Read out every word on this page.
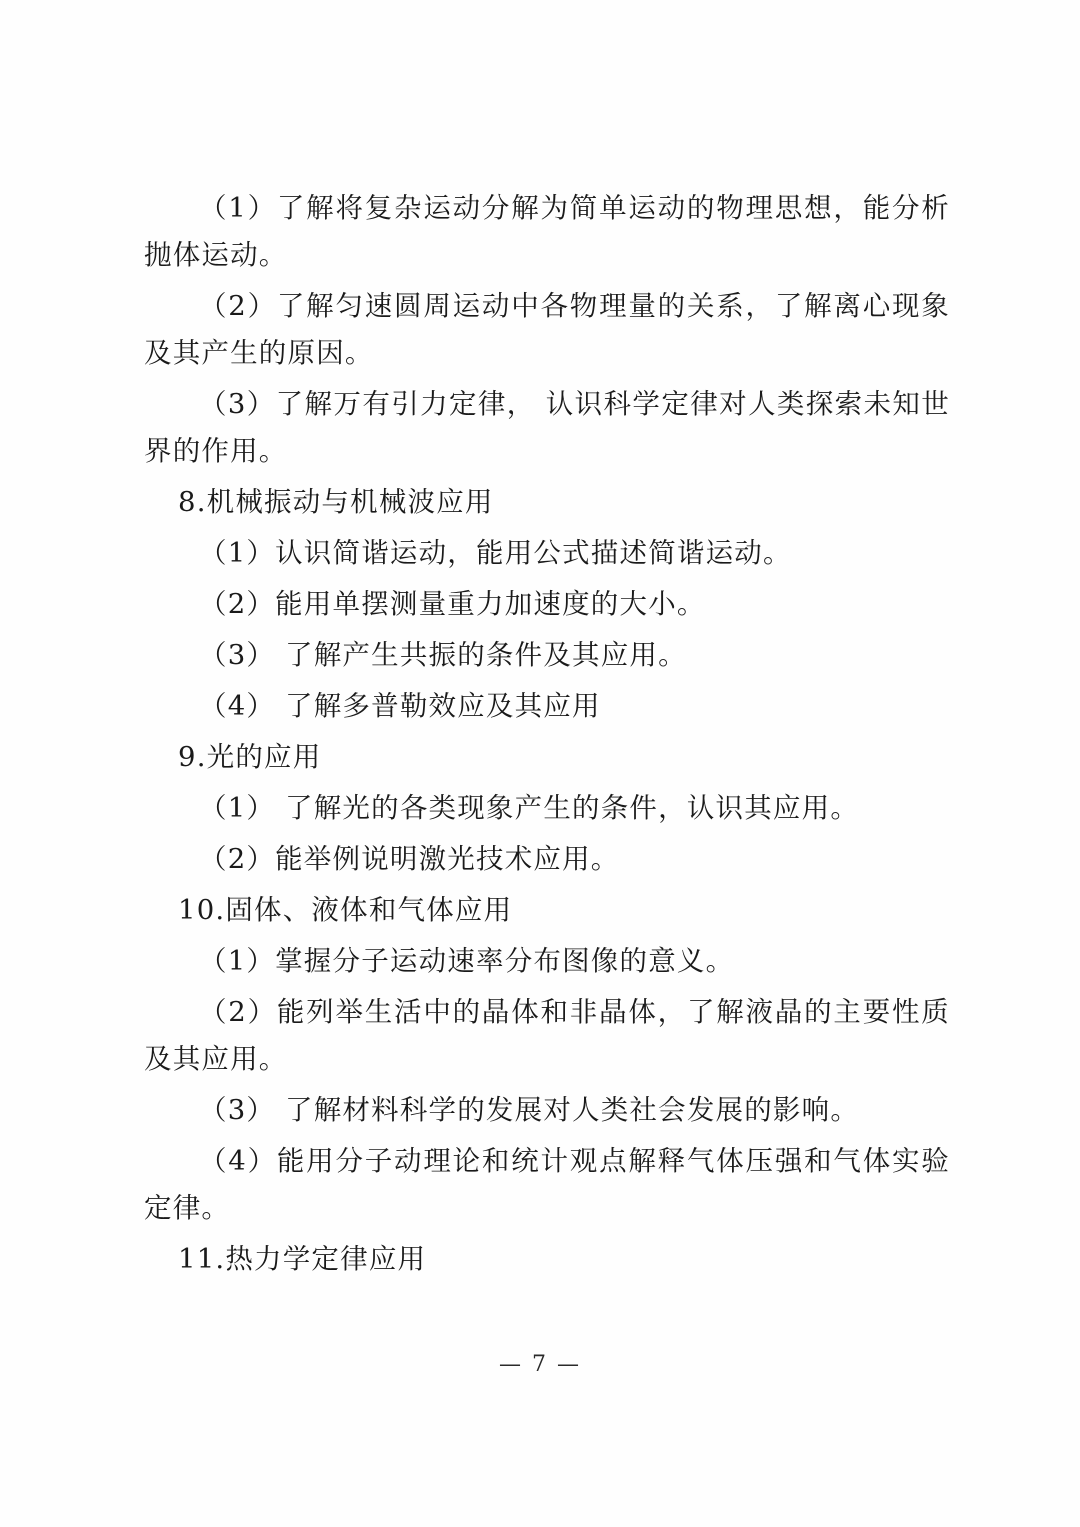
（1）了解将复杂运动分解为简单运动的物理思想，能分析抛体运动。

（2）了解匀速圆周运动中各物理量的关系，了解离心现象及其产生的原因。

（3）了解万有引力定律， 认识科学定律对人类探索未知世界的作用。

8.机械振动与机械波应用

（1）认识简谐运动，能用公式描述简谐运动。

（2）能用单摆测量重力加速度的大小。

（3） 了解产生共振的条件及其应用。

（4） 了解多普勒效应及其应用

9.光的应用

（1） 了解光的各类现象产生的条件，认识其应用。

（2）能举例说明激光技术应用。

10.固体、液体和气体应用

（1）掌握分子运动速率分布图像的意义。

（2）能列举生活中的晶体和非晶体，了解液晶的主要性质及其应用。

（3） 了解材料科学的发展对人类社会发展的影响。

（4）能用分子动理论和统计观点解释气体压强和气体实验定律。

11.热力学定律应用

— 7 —
